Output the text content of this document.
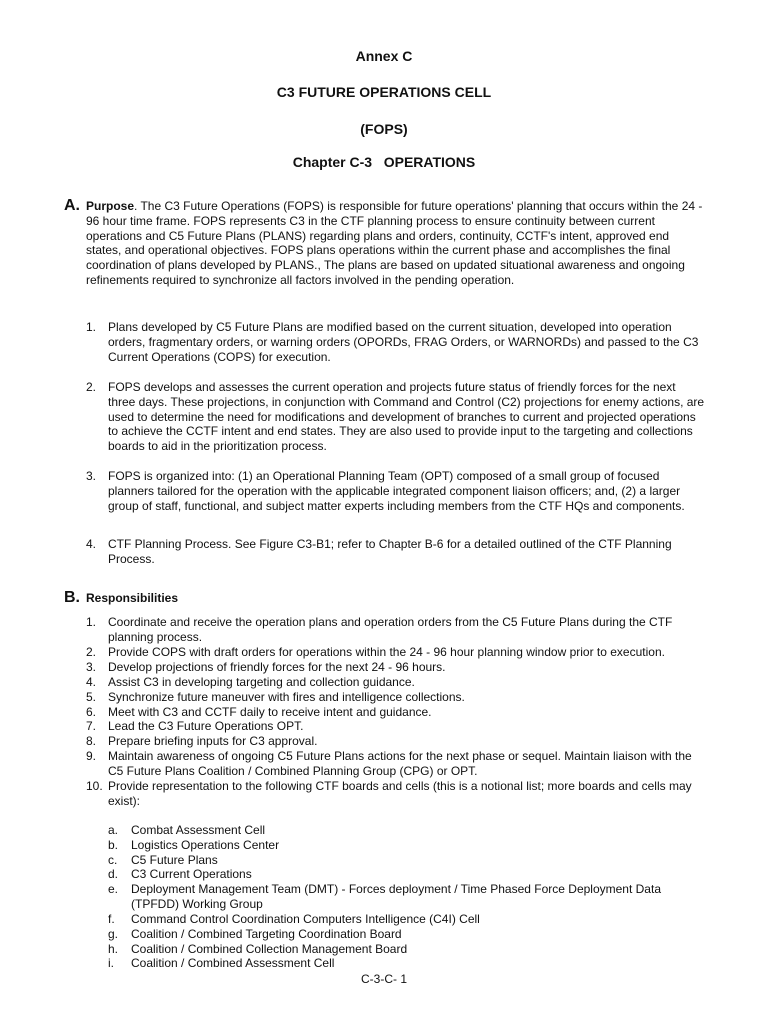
Annex C
C3 FUTURE OPERATIONS CELL
(FOPS)
Chapter C-3   OPERATIONS
A. Purpose. The C3 Future Operations (FOPS) is responsible for future operations' planning that occurs within the 24 - 96 hour time frame. FOPS represents C3 in the CTF planning process to ensure continuity between current operations and C5 Future Plans (PLANS) regarding plans and orders, continuity, CCTF's intent, approved end states, and operational objectives. FOPS plans operations within the current phase and accomplishes the final coordination of plans developed by PLANS., The plans are based on updated situational awareness and ongoing refinements required to synchronize all factors involved in the pending operation.
1. Plans developed by C5 Future Plans are modified based on the current situation, developed into operation orders, fragmentary orders, or warning orders (OPORDs, FRAG Orders, or WARNORDs) and passed to the C3 Current Operations (COPS) for execution.
2. FOPS develops and assesses the current operation and projects future status of friendly forces for the next three days. These projections, in conjunction with Command and Control (C2) projections for enemy actions, are used to determine the need for modifications and development of branches to current and projected operations to achieve the CCTF intent and end states. They are also used to provide input to the targeting and collections boards to aid in the prioritization process.
3. FOPS is organized into: (1) an Operational Planning Team (OPT) composed of a small group of focused planners tailored for the operation with the applicable integrated component liaison officers; and, (2) a larger group of staff, functional, and subject matter experts including members from the CTF HQs and components.
4. CTF Planning Process. See Figure C3-B1; refer to Chapter B-6 for a detailed outlined of the CTF Planning Process.
B. Responsibilities
1. Coordinate and receive the operation plans and operation orders from the C5 Future Plans during the CTF planning process.
2. Provide COPS with draft orders for operations within the 24 - 96 hour planning window prior to execution.
3. Develop projections of friendly forces for the next 24 - 96 hours.
4. Assist C3 in developing targeting and collection guidance.
5. Synchronize future maneuver with fires and intelligence collections.
6. Meet with C3 and CCTF daily to receive intent and guidance.
7. Lead the C3 Future Operations OPT.
8. Prepare briefing inputs for C3 approval.
9. Maintain awareness of ongoing C5 Future Plans actions for the next phase or sequel. Maintain liaison with the C5 Future Plans Coalition / Combined Planning Group (CPG) or OPT.
10. Provide representation to the following CTF boards and cells (this is a notional list; more boards and cells may exist):
a. Combat Assessment Cell
b. Logistics Operations Center
c. C5 Future Plans
d. C3 Current Operations
e. Deployment Management Team (DMT) - Forces deployment / Time Phased Force Deployment Data (TPFDD) Working Group
f. Command Control Coordination Computers Intelligence (C4I) Cell
g. Coalition / Combined Targeting Coordination Board
h. Coalition / Combined Collection Management Board
i. Coalition / Combined Assessment Cell
C-3-C- 1
